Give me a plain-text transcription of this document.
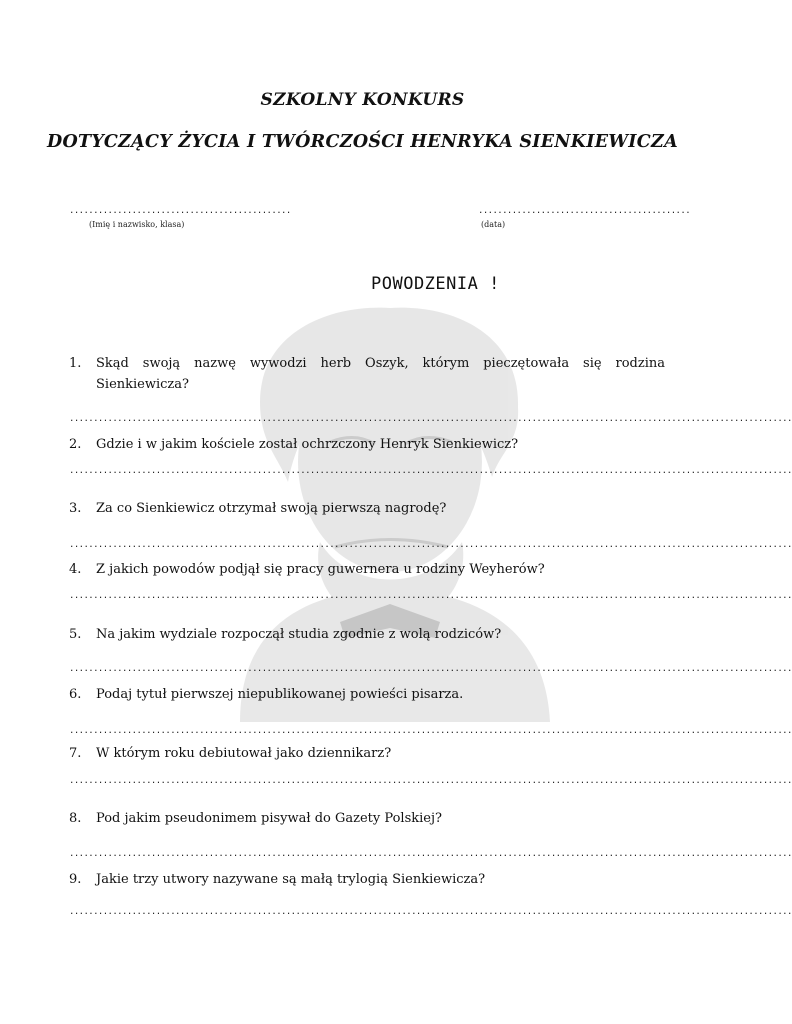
SZKOLNY KONKURS
DOTYCZĄCY ŻYCIA I TWÓRCZOŚCI HENRYKA SIENKIEWICZA
..............................................
(Imię i nazwisko, klasa)
............................................
(data)
POWODZENIA !
1. Skąd swoją nazwę wywodzi herb Oszyk, którym pieczętowała się rodzina Sienkiewicza?
......................................................................................................................................................
2. Gdzie i w jakim kościele został ochrzczony Henryk Sienkiewicz?
......................................................................................................................................................
3. Za co Sienkiewicz otrzymał swoją pierwszą nagrodę?
......................................................................................................................................................
4. Z jakich powodów podjął się pracy guwernera u rodziny Weyherów?
......................................................................................................................................................
5. Na jakim wydziale rozpoczął studia zgodnie z wolą rodziców?
......................................................................................................................................................
6. Podaj tytuł pierwszej niepublikowanej powieści pisarza.
......................................................................................................................................................
7. W którym roku debiutował jako dziennikarz?
......................................................................................................................................................
8. Pod jakim pseudonimem pisywał do Gazety Polskiej?
......................................................................................................................................................
9. Jakie trzy utwory nazywane są małą trylogią Sienkiewicza?
......................................................................................................................................................
